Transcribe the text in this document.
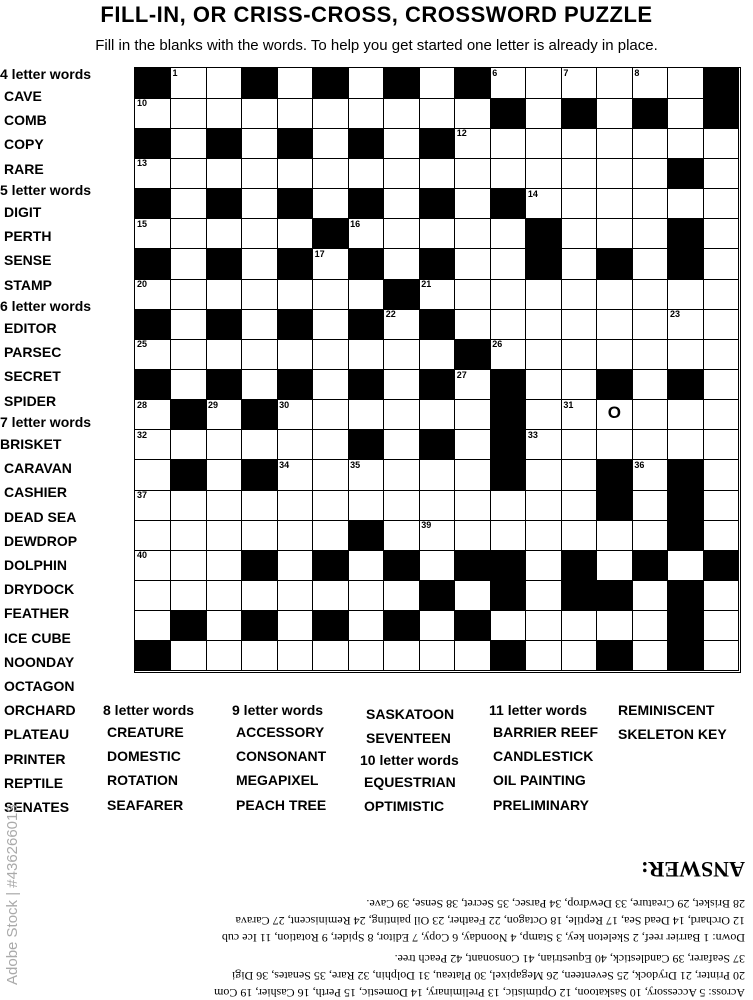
FILL-IN, OR CRISS-CROSS, CROSSWORD PUZZLE
Fill in the blanks with the words. To help you get started one letter is already in place.
4 letter words
CAVE
COMB
COPY
RARE
5 letter words
DIGIT
PERTH
SENSE
STAMP
6 letter words
EDITOR
PARSEC
SECRET
SPIDER
7 letter words
BRISKET
CARAVAN
CASHIER
DEAD SEA
DEWDROP
DOLPHIN
DRYDOCK
FEATHER
ICE CUBE
NOONDAY
OCTAGON
ORCHARD
PLATEAU
PRINTER
REPTILE
SENATES
8 letter words
CREATURE
DOMESTIC
ROTATION
SEAFARER
9 letter words
ACCESSORY
CONSONANT
MEGAPIXEL
PEACH TREE
SASKATOON
SEVENTEEN
10 letter words
EQUESTRIAN
OPTIMISTIC
11 letter words
BARRIER REEF
CANDLESTICK
OIL PAINTING
PRELIMINARY
REMINISCENT
SKELETON KEY
1	2	3	4	5	6	7	8	9
10
12
13
14
15	16
17	18	19
20	21
22	23
25	26
27
28	29	30	31	O
32	33
34	35	36
37	38
39
40
41
42
ANSWER:
Across: 5 Accessory, 10 Saskatoon, 12 Optimistic, 13 Preliminary, 14 Domestic, 15 Perth, 16 Cashier, 19 Com
20 Printer, 21 Drydock, 25 Seventeen, 26 Megapixel, 30 Plateau, 31 Dolphin, 32 Rare, 35 Senates, 36 Digi
37 Seafarer, 39 Candlestick, 40 Equestrian, 41 Consonant, 42 Peach tree.
Down: 1 Barrier reef, 2 Skeleton key, 3 Stamp, 4 Noonday, 6 Copy, 7 Editor, 8 Spider, 9 Rotation, 11 Ice cub
12 Orchard, 14 Dead Sea, 17 Reptile, 18 Octagon, 22 Feather, 23 Oil painting, 24 Reminiscent, 27 Carava
28 Brisket, 29 Creature, 33 Dewdrop, 34 Parsec, 35 Secret, 38 Sense, 39 Cave.
Adobe Stock | #436266013
